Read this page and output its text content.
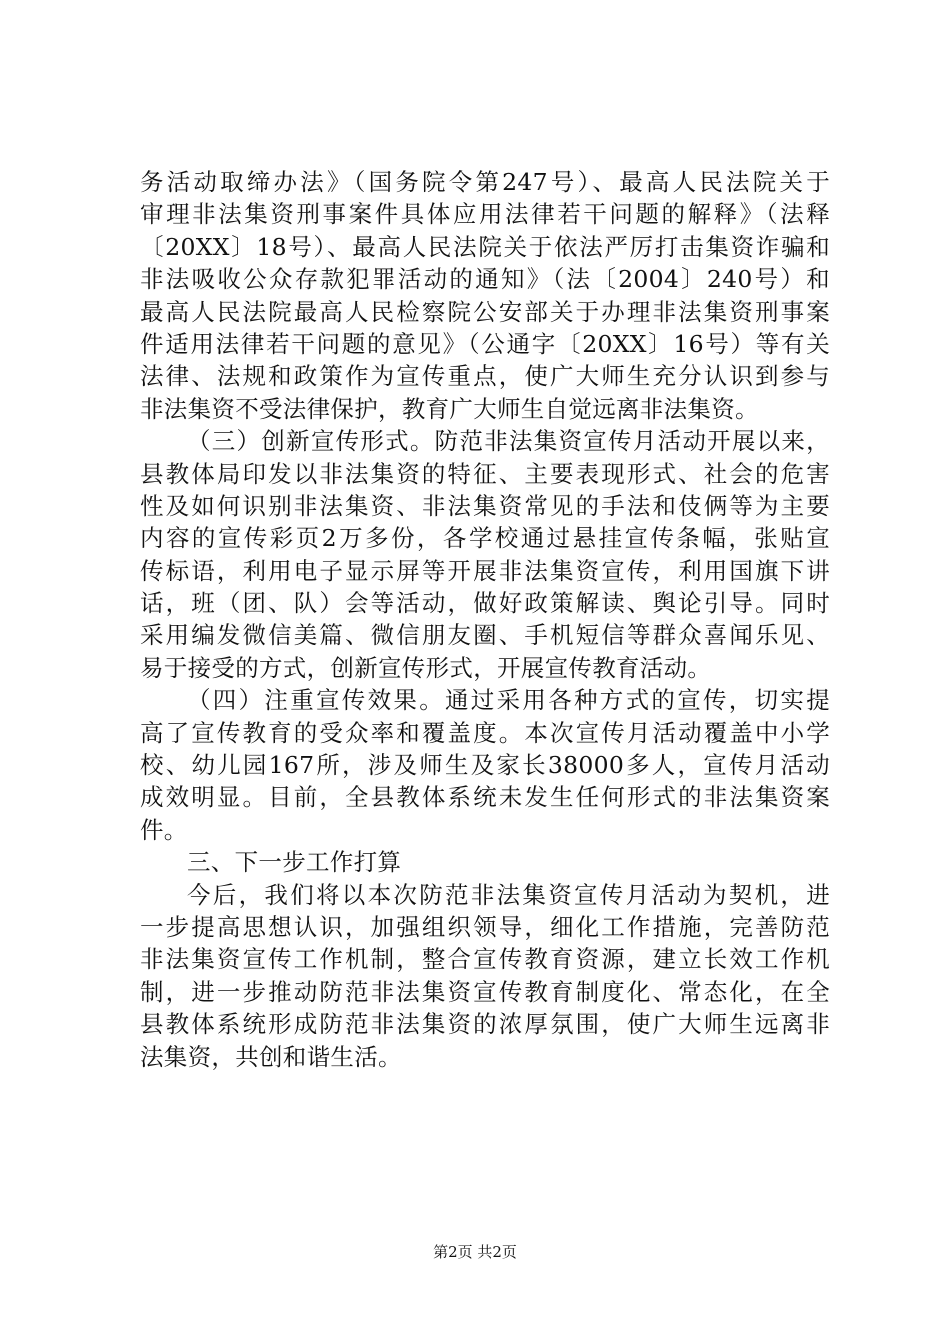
务活动取缔办法》（国务院令第247号）、最高人民法院关于
审理非法集资刑事案件具体应用法律若干问题的解释》（法释
〔20XX〕18号）、最高人民法院关于依法严厉打击集资诈骗和
非法吸收公众存款犯罪活动的通知》（法〔2004〕240号）和
最高人民法院最高人民检察院公安部关于办理非法集资刑事案
件适用法律若干问题的意见》（公通字〔20XX〕16号）等有关
法律、法规和政策作为宣传重点，使广大师生充分认识到参与
非法集资不受法律保护，教育广大师生自觉远离非法集资。
（三）创新宣传形式。防范非法集资宣传月活动开展以来，
县教体局印发以非法集资的特征、主要表现形式、社会的危害
性及如何识别非法集资、非法集资常见的手法和伎俩等为主要
内容的宣传彩页2万多份，各学校通过悬挂宣传条幅，张贴宣
传标语，利用电子显示屏等开展非法集资宣传，利用国旗下讲
话，班（团、队）会等活动，做好政策解读、舆论引导。同时
采用编发微信美篇、微信朋友圈、手机短信等群众喜闻乐见、
易于接受的方式，创新宣传形式，开展宣传教育活动。
（四）注重宣传效果。通过采用各种方式的宣传，切实提
高了宣传教育的受众率和覆盖度。本次宣传月活动覆盖中小学
校、幼儿园167所，涉及师生及家长38000多人，宣传月活动
成效明显。目前，全县教体系统未发生任何形式的非法集资案
件。
三、下一步工作打算
今后，我们将以本次防范非法集资宣传月活动为契机，进
一步提高思想认识，加强组织领导，细化工作措施，完善防范
非法集资宣传工作机制，整合宣传教育资源，建立长效工作机
制，进一步推动防范非法集资宣传教育制度化、常态化，在全
县教体系统形成防范非法集资的浓厚氛围，使广大师生远离非
法集资，共创和谐生活。
第2页 共2页
